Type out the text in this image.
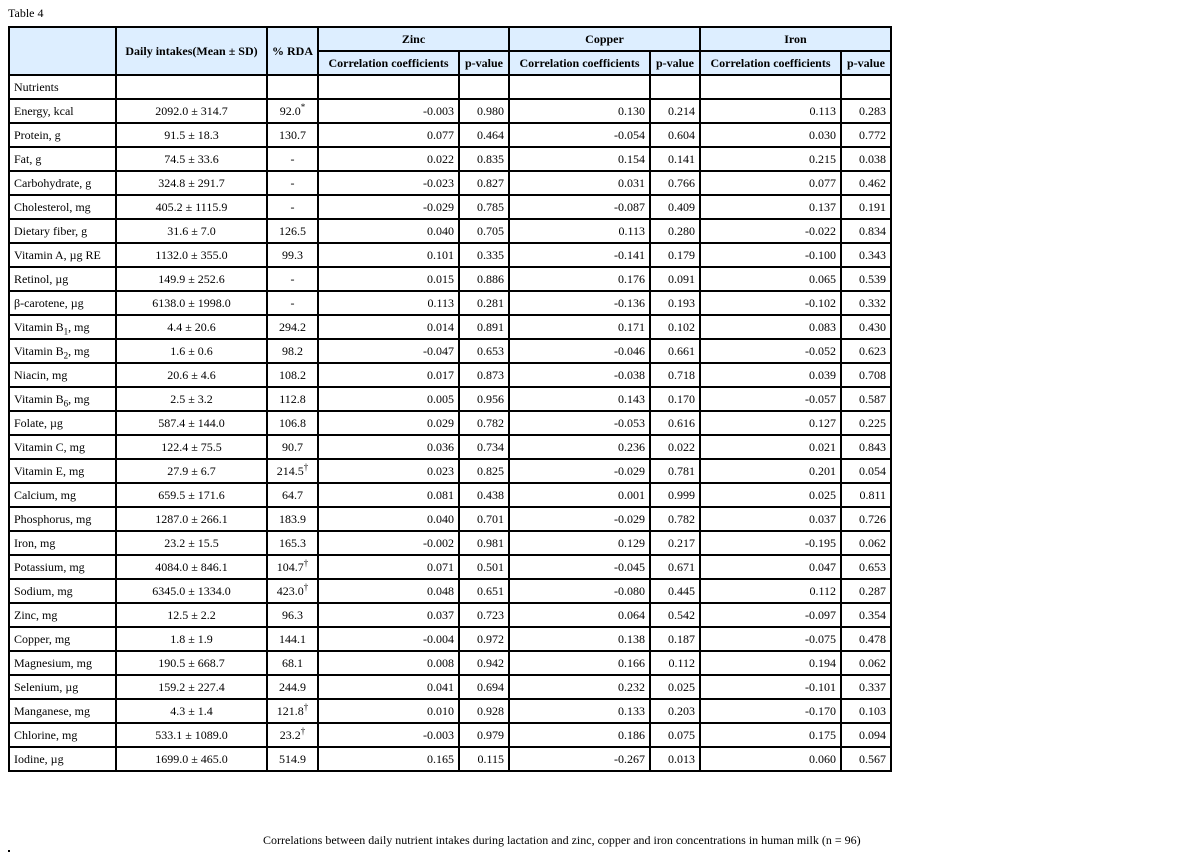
Table 4
	Daily intakes(Mean ± SD)	% RDA	Zinc		Copper		Iron	
			Correlation coefficients	p-value	Correlation coefficients	p-value	Correlation coefficients	p-value
Nutrients								
Energy, kcal	2092.0 ± 314.7	92.0*	-0.003	0.980	0.130	0.214	0.113	0.283
Protein, g	91.5 ± 18.3	130.7	0.077	0.464	-0.054	0.604	0.030	0.772
Fat, g	74.5 ± 33.6	-	0.022	0.835	0.154	0.141	0.215	0.038
Carbohydrate, g	324.8 ± 291.7	-	-0.023	0.827	0.031	0.766	0.077	0.462
Cholesterol, mg	405.2 ± 1115.9	-	-0.029	0.785	-0.087	0.409	0.137	0.191
Dietary fiber, g	31.6 ± 7.0	126.5	0.040	0.705	0.113	0.280	-0.022	0.834
Vitamin A, µg RE	1132.0 ± 355.0	99.3	0.101	0.335	-0.141	0.179	-0.100	0.343
Retinol, µg	149.9 ± 252.6	-	0.015	0.886	0.176	0.091	0.065	0.539
β-carotene, µg	6138.0 ± 1998.0	-	0.113	0.281	-0.136	0.193	-0.102	0.332
Vitamin $B_1$, mg	4.4 ± 20.6	294.2	0.014	0.891	0.171	0.102	0.083	0.430
Vitamin $B_2$, mg	1.6 ± 0.6	98.2	-0.047	0.653	-0.046	0.661	-0.052	0.623
Niacin, mg	20.6 ± 4.6	108.2	0.017	0.873	-0.038	0.718	0.039	0.708
Vitamin $B_6$, mg	2.5 ± 3.2	112.8	0.005	0.956	0.143	0.170	-0.057	0.587
Folate, µg	587.4 ± 144.0	106.8	0.029	0.782	-0.053	0.616	0.127	0.225
Vitamin C, mg	122.4 ± 75.5	90.7	0.036	0.734	0.236	0.022	0.021	0.843
Vitamin E, mg	27.9 ± 6.7	214.5†	0.023	0.825	-0.029	0.781	0.201	0.054
Calcium, mg	659.5 ± 171.6	64.7	0.081	0.438	0.001	0.999	0.025	0.811
Phosphorus, mg	1287.0 ± 266.1	183.9	0.040	0.701	-0.029	0.782	0.037	0.726
Iron, mg	23.2 ± 15.5	165.3	-0.002	0.981	0.129	0.217	-0.195	0.062
Potassium, mg	4084.0 ± 846.1	104.7†	0.071	0.501	-0.045	0.671	0.047	0.653
Sodium, mg	6345.0 ± 1334.0	423.0†	0.048	0.651	-0.080	0.445	0.112	0.287
Zinc, mg	12.5 ± 2.2	96.3	0.037	0.723	0.064	0.542	-0.097	0.354
Copper, mg	1.8 ± 1.9	144.1	-0.004	0.972	0.138	0.187	-0.075	0.478
Magnesium, mg	190.5 ± 668.7	68.1	0.008	0.942	0.166	0.112	0.194	0.062
Selenium, µg	159.2 ± 227.4	244.9	0.041	0.694	0.232	0.025	-0.101	0.337
Manganese, mg	4.3 ± 1.4	121.8†	0.010	0.928	0.133	0.203	-0.170	0.103
Chlorine, mg	533.1 ± 1089.0	23.2†	-0.003	0.979	0.186	0.075	0.175	0.094
Iodine, µg	1699.0 ± 465.0	514.9	0.165	0.115	-0.267	0.013	0.060	0.567
Correlations between daily nutrient intakes during lactation and zinc, copper and iron concentrations in human milk (n = 96)
